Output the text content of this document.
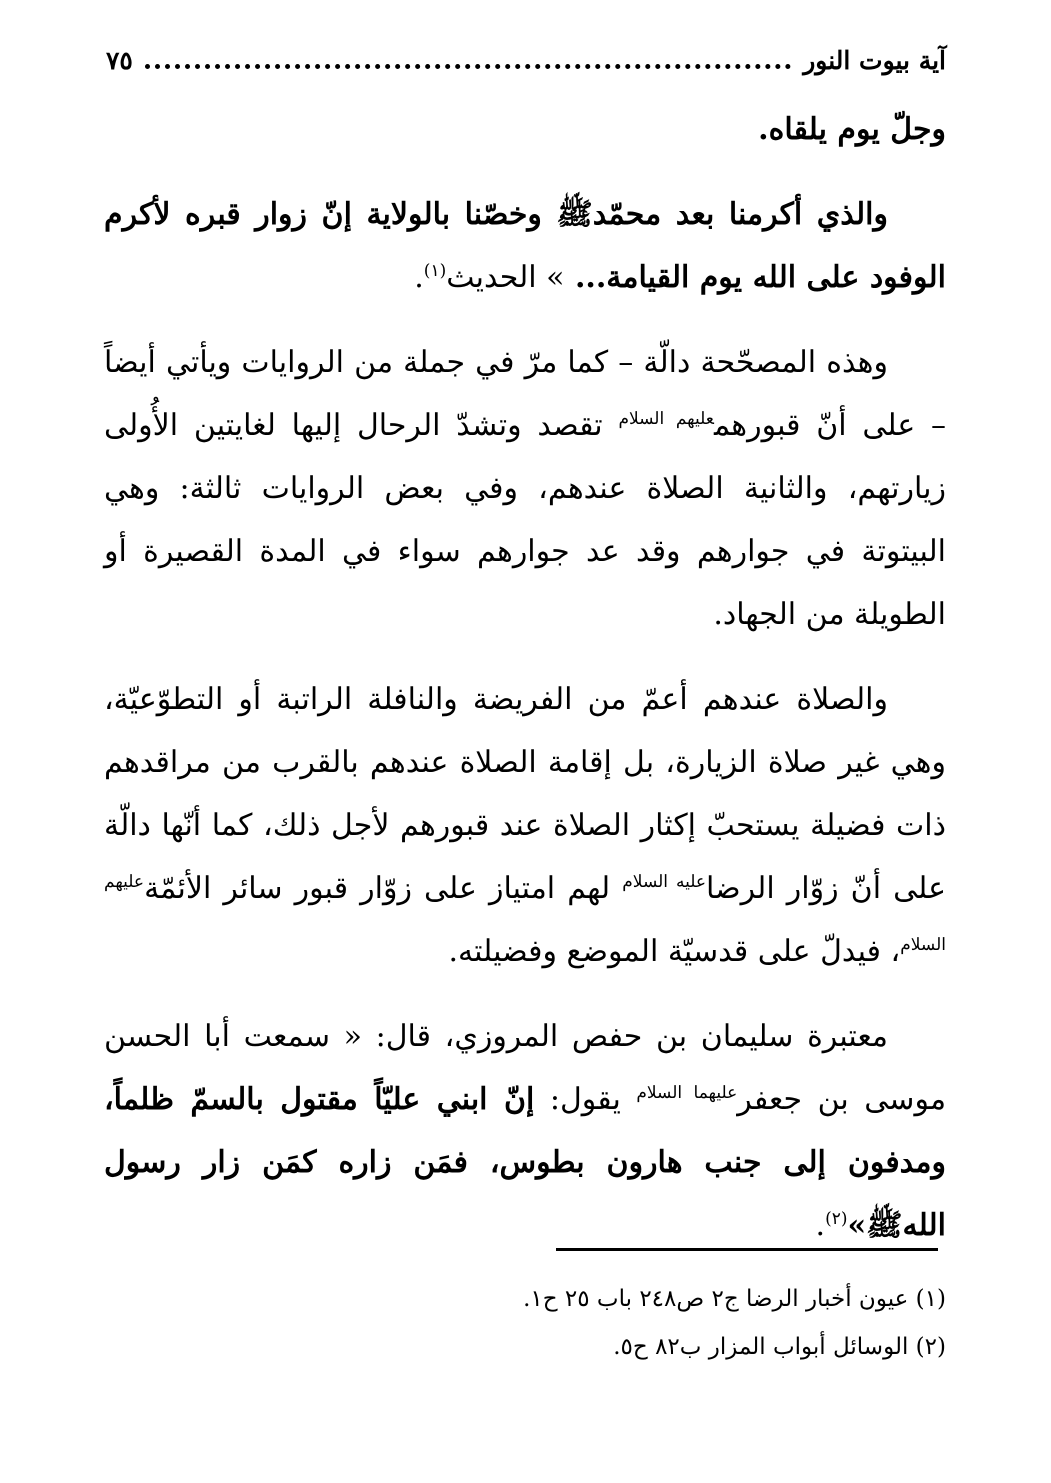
آية بيوت النور
٧٥

وجلّ يوم يلقاه.

والذي أكرمنا بعد محمّدﷺ وخصّنا بالولاية إنّ زوار قبره لأكرم الوفود على الله يوم القيامة... » الحديث$^{(١)}$.

وهذه المصحّحة دالّة – كما مرّ في جملة من الروايات ويأتي أيضاً – على أنّ قبورهم$^{عليهم السلام}$ تقصد وتشدّ الرحال إليها لغايتين الأُولى زيارتهم، والثانية الصلاة عندهم، وفي بعض الروايات ثالثة: وهي البيتوتة في جوارهم وقد عد جوارهم سواء في المدة القصيرة أو الطويلة من الجهاد.

والصلاة عندهم أعمّ من الفريضة والنافلة الراتبة أو التطوّعيّة، وهي غير صلاة الزيارة، بل إقامة الصلاة عندهم بالقرب من مراقدهم ذات فضيلة يستحبّ إكثار الصلاة عند قبورهم لأجل ذلك، كما أنّها دالّة على أنّ زوّار الرضا$^{عليه السلام}$ لهم امتياز على زوّار قبور سائر الأئمّة$^{عليهم السلام}$، فيدلّ على قدسيّة الموضع وفضيلته.

معتبرة سليمان بن حفص المروزي، قال: « سمعت أبا الحسن موسى بن جعفر$^{عليهما السلام}$ يقول: إنّ ابني عليّاً مقتول بالسمّ ظلماً، ومدفون إلى جنب هارون بطوس، فمَن زاره كمَن زار رسول اللهﷺ»$^{(٢)}$.

(١) عيون أخبار الرضا ج٢ ص٢٤٨ باب ٢٥ ح١.
(٢) الوسائل أبواب المزار ب٨٢ ح٥.
